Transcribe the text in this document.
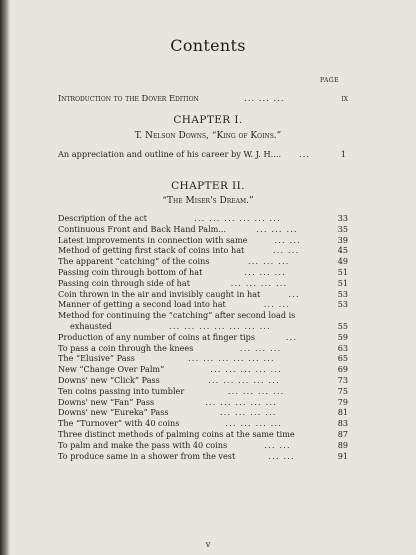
Contents
PAGE
Introduction to the Dover Edition	... ... ...	ix
CHAPTER I.
T. Nelson Downs, “King of Koins.”
An appreciation and outline of his career by W. J. H....	...	1
CHAPTER II.
“The Miser's Dream.”
Description of the act	... ... ... ... ... ...	33
Continuous Front and Back Hand Palm...	... ... ...	35
Latest improvements in connection with same	... ...	39
Method of getting first stack of coins into hat	... ...	45
The apparent “catching” of the coins	... ... ...	49
Passing coin through bottom of hat	... ... ...	51
Passing coin through side of hat	... ... ... ...	51
Coin thrown in the air and invisibly caught in hat	...	53
Manner of getting a second load into hat	... ...	53
Method for continuing the “catching” after second load is
exhausted	... ... ... ... ... ... ...	55
Production of any number of coins at finger tips	...	59
To pass a coin through the knees	... ... ...	63
The “Elusive” Pass	... ... ... ... ... ...	65
New “Change Over Palm”	... ... ... ... ...	69
Downs' new “Click” Pass	... ... ... ... ...	73
Ten coins passing into tumbler	... ... ... ...	75
Downs' new “Fan” Pass	... ... ... ... ...	79
Downs' new “Eureka” Pass	... ... ... ...	81
The “Turnover” with 40 coins	... ... ... ...	83
Three distinct methods of palming coins at the same time	87
To palm and make the pass with 40 coins	... ...	89
To produce same in a shower from the vest	... ...	91
v
